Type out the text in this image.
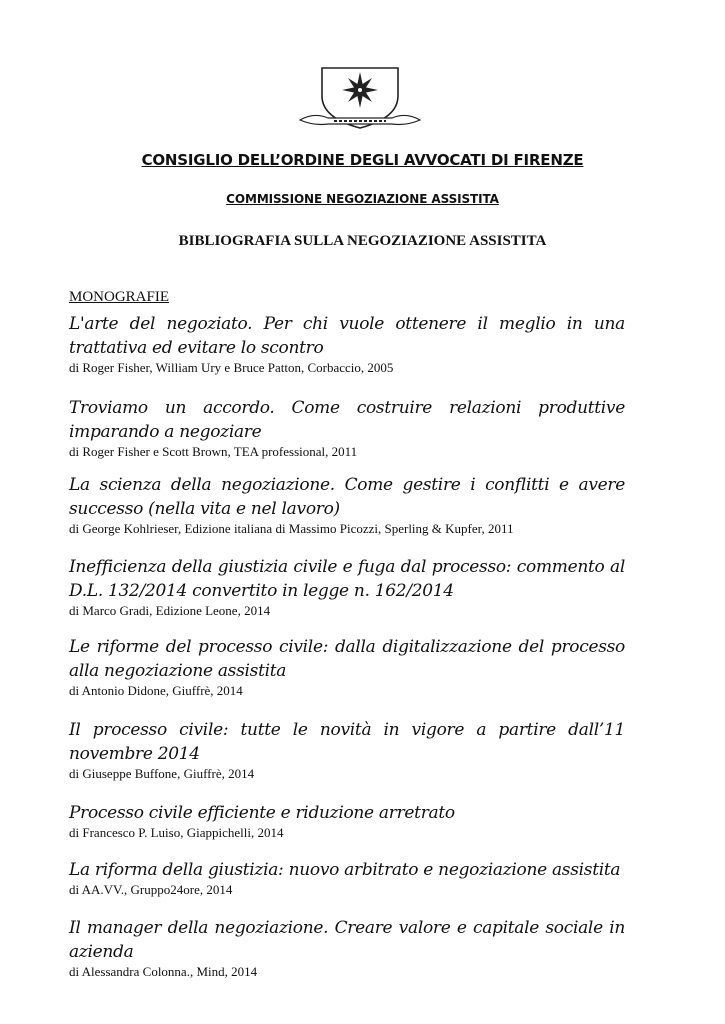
CONSIGLIO DELL’ORDINE DEGLI AVVOCATI DI FIRENZE
COMMISSIONE NEGOZIAZIONE ASSISTITA
BIBLIOGRAFIA SULLA NEGOZIAZIONE ASSISTITA
MONOGRAFIE
L'arte del negoziato. Per chi vuole ottenere il meglio in una trattativa ed evitare lo scontro
di Roger Fisher, William Ury e Bruce Patton, Corbaccio, 2005
Troviamo un accordo. Come costruire relazioni produttive imparando a negoziare
di Roger Fisher e Scott Brown, TEA professional, 2011
La scienza della negoziazione. Come gestire i conflitti e avere successo (nella vita e nel lavoro)
di George Kohlrieser, Edizione italiana di Massimo Picozzi, Sperling & Kupfer, 2011
Inefficienza della giustizia civile e fuga dal processo: commento al D.L. 132/2014 convertito in legge n. 162/2014
di Marco Gradi, Edizione Leone, 2014
Le riforme del processo civile: dalla digitalizzazione del processo alla negoziazione assistita
di Antonio Didone, Giuffrè, 2014
Il processo civile: tutte le novità in vigore a partire dall’11 novembre 2014
di Giuseppe Buffone, Giuffrè, 2014
Processo civile efficiente e riduzione arretrato
di Francesco P. Luiso, Giappichelli, 2014
La riforma della giustizia: nuovo arbitrato e negoziazione assistita
di AA.VV., Gruppo24ore, 2014
Il manager della negoziazione. Creare valore e capitale sociale in azienda
di Alessandra Colonna., Mind, 2014
